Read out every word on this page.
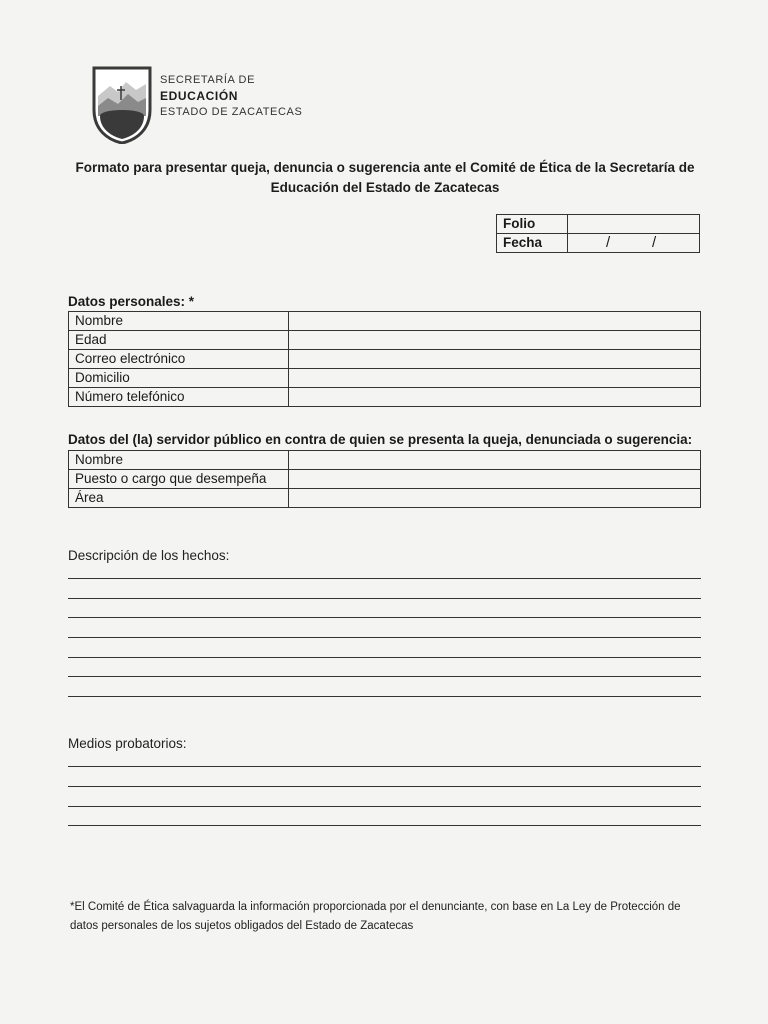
SECRETARÍA DE
EDUCACIÓN
ESTADO DE ZACATECAS
Formato para presentar queja, denuncia o sugerencia ante el Comité de Ética de la Secretaría de
Educación del Estado de Zacatecas
Folio	
Fecha	/ /
Datos personales: *
Nombre	
Edad	
Correo electrónico	
Domicilio	
Número telefónico	
Datos del (la) servidor público en contra de quien se presenta la queja, denunciada o sugerencia:
Nombre	
Puesto o cargo que desempeña	
Área	
Descripción de los hechos:
Medios probatorios:
*El Comité de Ética salvaguarda la información proporcionada por el denunciante, con base en La Ley de Protección de
datos personales de los sujetos obligados del Estado de Zacatecas
